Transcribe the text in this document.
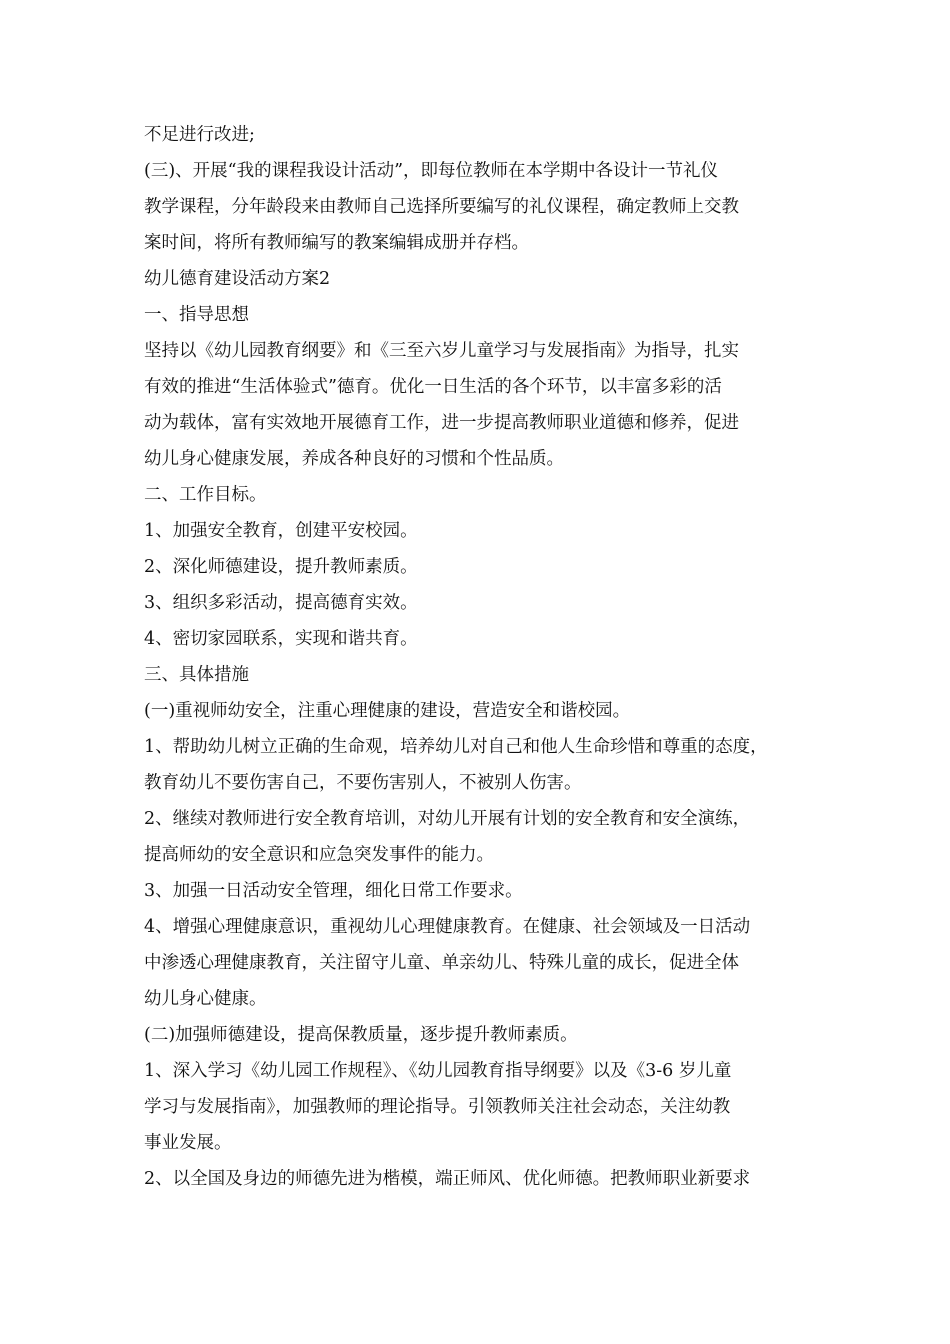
不足进行改进;
(三)、开展“我的课程我设计活动”，即每位教师在本学期中各设计一节礼仪
教学课程，分年龄段来由教师自己选择所要编写的礼仪课程，确定教师上交教
案时间，将所有教师编写的教案编辑成册并存档。
幼儿德育建设活动方案2
一、指导思想
坚持以《幼儿园教育纲要》和《三至六岁儿童学习与发展指南》为指导，扎实
有效的推进“生活体验式”德育。优化一日生活的各个环节，以丰富多彩的活
动为载体，富有实效地开展德育工作，进一步提高教师职业道德和修养，促进
幼儿身心健康发展，养成各种良好的习惯和个性品质。
二、工作目标。
1、加强安全教育，创建平安校园。
2、深化师德建设，提升教师素质。
3、组织多彩活动，提高德育实效。
4、密切家园联系，实现和谐共育。
三、具体措施
(一)重视师幼安全，注重心理健康的建设，营造安全和谐校园。
1、帮助幼儿树立正确的生命观，培养幼儿对自己和他人生命珍惜和尊重的态度，
教育幼儿不要伤害自己，不要伤害别人，不被别人伤害。
2、继续对教师进行安全教育培训，对幼儿开展有计划的安全教育和安全演练，
提高师幼的安全意识和应急突发事件的能力。
3、加强一日活动安全管理，细化日常工作要求。
4、增强心理健康意识，重视幼儿心理健康教育。在健康、社会领域及一日活动
中渗透心理健康教育，关注留守儿童、单亲幼儿、特殊儿童的成长，促进全体
幼儿身心健康。
(二)加强师德建设，提高保教质量，逐步提升教师素质。
1、深入学习《幼儿园工作规程》、《幼儿园教育指导纲要》以及《3-6 岁儿童
学习与发展指南》，加强教师的理论指导。引领教师关注社会动态，关注幼教
事业发展。
2、以全国及身边的师德先进为楷模，端正师风、优化师德。把教师职业新要求
